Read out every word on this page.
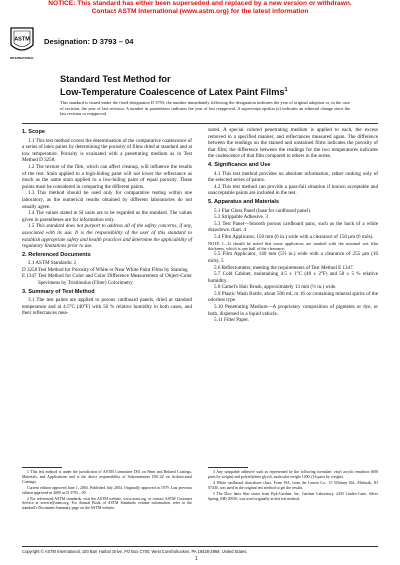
NOTICE: This standard has either been superseded and replaced by a new version or withdrawn.
Contact ASTM International (www.astm.org) for the latest information
ASTM
INTERNATIONAL
Designation: D 3793 – 04
Standard Test Method for
Low-Temperature Coalescence of Latex Paint Films$^1$
This standard is issued under the fixed designation D 3793; the number immediately following the designation indicates the year of original adoption or, in the case of revision, the year of last revision. A number in parentheses indicates the year of last reapproval. A superscript epsilon (ε) indicates an editorial change since the last revision or reapproval.
1. Scope

1.1 This test method covers the determination of the comparative coalescence of a series of latex paints by determining the porosity of films dried at standard and at low temperature. Porosity is evaluated with a penetrating medium as in Test Method D 3258.

1.2 The texture of the film, which can affect cleanup, will influence the results of the test. Stain applied to a high-hiding paint will not lower the reflectance as much as the same stain applied to a low-hiding paint of equal porosity. These points must be considered in comparing the different paints.

1.3 This method should be used only for comparative testing within one laboratory, as the numerical results obtained by different laboratories do not usually agree.

1.4 The values stated in SI units are to be regarded as the standard. The values given in parentheses are for information only.

1.5 This standard does not purport to address all of the safety concerns, if any, associated with its use. It is the responsibility of the user of this standard to establish appropriate safety and health practices and determine the applicability of regulatory limitations prior to use.

2. Referenced Documents

2.1 ASTM Standards: 2

D 3258 Test Method for Porosity of White or Near White Paint Films by Staining

E 1347 Test Method for Color and Color Difference Measurement of Object-Color Specimens by Tristimulus (Filter) Colorimetry

3. Summary of Test Method

3.1 The test paints are applied to porous cardboard panels, dried at standard temperature and at 4.5°C (40°F) with 50 % relative humidity in both cases, and their reflectances mea-

sured. A special colored penetrating medium is applied to each, the excess removed in a specified manner, and reflectances measured again. The difference between the readings on the stained and unstained films indicates the porosity of that film; the difference between the readings for the two temperatures indicates the coalescence of that film compared to others in the series.

4. Significance and Use

4.1 This test method provides no absolute information, rather ranking only of the selected series of paints.

4.2 This test method can provide a pass-fail situation if known acceptable and unacceptable paints are included in the test.

5. Apparatus and Materials

5.1 Flat Gloss Panel (base for cardboard panel).

5.2 Strippable Adhesive. 3

5.3 Test Panel—Smooth porous cardboard panc, such as the back of a white drawdown chart. 4

5.4 Film Applicator, 150 mm (6 in.) wide with a clearance of 150 µm (6 mils).

NOTE 1—It should be noted that some applicators are marked with the nominal wet film thickness, which is one half of the clearance.

5.5 Film Applicator, 140 mm (5½ in.) wide with a clearance of 255 µm (10 mils). 5

5.6 Reflectometer, meeting the requirements of Test Method E 1347.

5.7 Cold Cabinet, maintaining 4.5 ± 1°C (40 ± 2°F) and 50 ± 5 % relative humidity.

5.8 Camel's Hair Brush, approximately 13 mm (½ in.) wide.

5.9 Plastic Wash Bottle, about 500 mL or 16 oz containing mineral spirits of the odorless type.

5.10 Penetrating Medium—A proprietary composition of pigments or dye, or both, dispersed in a liquid vehicle.

5.11 Filter Paper.

1 This test method is under the jurisdiction of ASTM Committee D01 on Paint and Related Coatings, Materials, and Applications and is the direct responsibility of Subcommittee D01.42 on Architectural Coatings.

Current edition approved June 1, 2004. Published July 2004. Originally approved in 1979. Last previous edition approved in 2000 as D 3793 – 00.

2 For referenced ASTM standards, visit the ASTM website, www.astm.org, or contact ASTM Customer Service at service@astm.org. For Annual Book of ASTM Standards volume information, refer to the standard's Document Summary page on the ASTM website.

3 Any strippable adhesive such as represented by the following formulae: vinyl acrylic emulsion (600 parts by weight) and polyethylene glycol, molecular weight 1400, (16 parts by weight).

4 White cardboard drawdown chart, Form WA, from the Leneta Co., 15 Whitney Rd., Mahwah, NJ 07430, was used in the original test method to get the results.

5 The Dow latex film caster from Byk-Gardner, Inc. Gardner Laboratory, 2435 Linden Lane, Silver Spring, MD 20910, was used originally in this test method.

Copyright © ASTM International, 100 Barr Harbor Drive, PO Box C700, West Conshohocken, PA 19428-2959, United States.
1
